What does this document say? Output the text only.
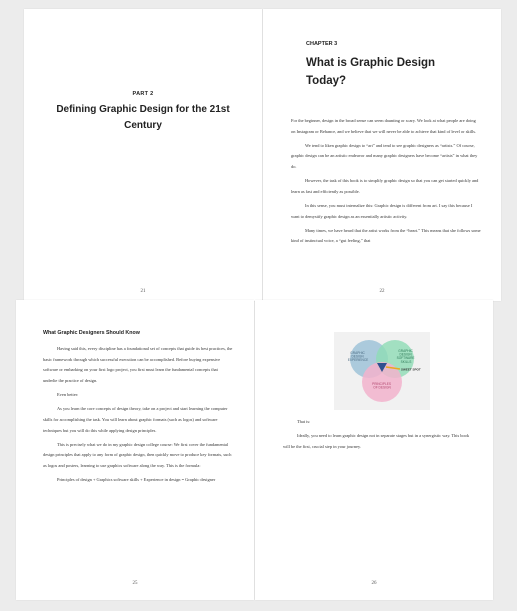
PART 2
Defining Graphic Design for the 21st Century
21
CHAPTER 3
What is Graphic Design Today?

For the beginner, design in the broad sense can seem daunting or scary. We look at what people are doing on Instagram or Behance, and we believe that we will never be able to achieve that kind of level or skills.

We tend to liken graphic design to “art” and tend to see graphic designers as “artists.” Of course, graphic design can be an artistic endeavor and many graphic designers have become “artists” in what they do.

However, the task of this book is to simplify graphic design so that you can get started quickly and learn as fast and efficiently as possible.

In this sense, you must internalize this: Graphic design is different from art. I say this because I want to demystify graphic design as an essentially artistic activity.

Many times, we have heard that the artist works from the “heart.” This means that she follows some kind of instinctual voice, a “gut feeling,” that

22
What Graphic Designers Should Know

Having said this, every discipline has a foundational set of concepts that guide its best practices, the basic framework through which successful execution can be accomplished. Before buying expensive software or embarking on your first logo project, you first must learn the fundamental concepts that underlie the practice of design.

Even better:

As you learn the core concepts of design theory, take on a project and start learning the computer skills for accomplishing the task. You will learn about graphic formats (such as logos) and software techniques but you will do this while applying design principles.

This is precisely what we do in my graphic design college course: We first cover the fundamental design principles that apply to any form of graphic design, then quickly move to produce key formats, such as logos and posters, learning to use graphics software along the way. This is the formula:

Principles of design + Graphics software skills + Experience in design = Graphic designer

25
GRAPHIC DESIGN EXPERIENCE
GRAPHIC DESIGN SOFTWARE SKILLS
PRINCIPLES OF DESIGN
SWEET SPOT

That is:

Ideally, you need to learn graphic design not in separate stages but in a synergistic way. This book will be the first, crucial step in your journey.

26
